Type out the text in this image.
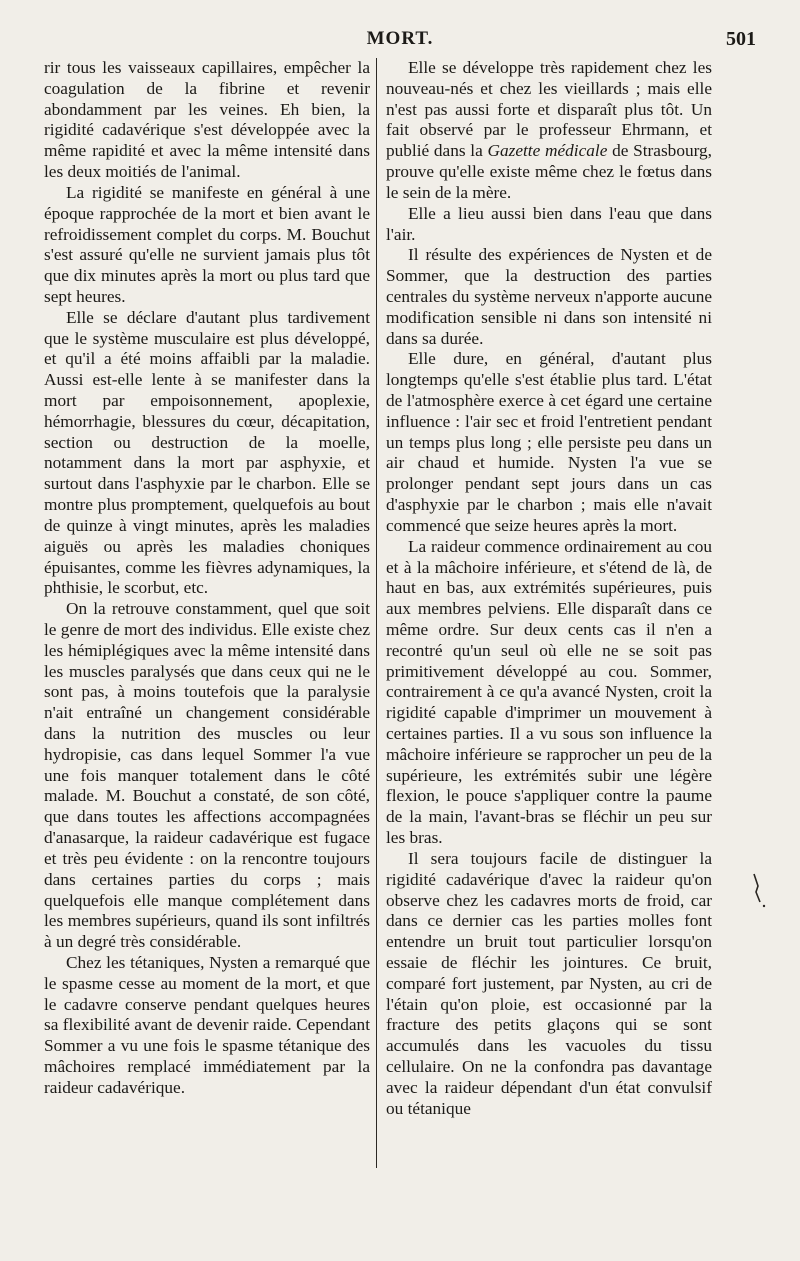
MORT.	501

rir tous les vaisseaux capillaires, empêcher la coagulation de la fibrine et revenir abondamment par les veines. Eh bien, la rigidité cadavérique s'est développée avec la même rapidité et avec la même intensité dans les deux moitiés de l'animal.

La rigidité se manifeste en général à une époque rapprochée de la mort et bien avant le refroidissement complet du corps. M. Bouchut s'est assuré qu'elle ne survient jamais plus tôt que dix minutes après la mort ou plus tard que sept heures.

Elle se déclare d'autant plus tardivement que le système musculaire est plus développé, et qu'il a été moins affaibli par la maladie. Aussi est-elle lente à se manifester dans la mort par empoisonnement, apoplexie, hémorrhagie, blessures du cœur, décapitation, section ou destruction de la moelle, notamment dans la mort par asphyxie, et surtout dans l'asphyxie par le charbon. Elle se montre plus promptement, quelquefois au bout de quinze à vingt minutes, après les maladies aiguës ou après les maladies choniques épuisantes, comme les fièvres adynamiques, la phthisie, le scorbut, etc.

On la retrouve constamment, quel que soit le genre de mort des individus. Elle existe chez les hémiplégiques avec la même intensité dans les muscles paralysés que dans ceux qui ne le sont pas, à moins toutefois que la paralysie n'ait entraîné un changement considérable dans la nutrition des muscles ou leur hydropisie, cas dans lequel Sommer l'a vue une fois manquer totalement dans le côté malade. M. Bouchut a constaté, de son côté, que dans toutes les affections accompagnées d'anasarque, la raideur cadavérique est fugace et très peu évidente : on la rencontre toujours dans certaines parties du corps ; mais quelquefois elle manque complétement dans les membres supérieurs, quand ils sont infiltrés à un degré très considérable.

Chez les tétaniques, Nysten a remarqué que le spasme cesse au moment de la mort, et que le cadavre conserve pendant quelques heures sa flexibilité avant de devenir raide. Cependant Sommer a vu une fois le spasme tétanique des mâchoires remplacé immédiatement par la raideur cadavérique.

Elle se développe très rapidement chez les nouveau-nés et chez les vieillards ; mais elle n'est pas aussi forte et disparaît plus tôt. Un fait observé par le professeur Ehrmann, et publié dans la Gazette médicale de Strasbourg, prouve qu'elle existe même chez le fœtus dans le sein de la mère.

Elle a lieu aussi bien dans l'eau que dans l'air.

Il résulte des expériences de Nysten et de Sommer, que la destruction des parties centrales du système nerveux n'apporte aucune modification sensible ni dans son intensité ni dans sa durée.

Elle dure, en général, d'autant plus longtemps qu'elle s'est établie plus tard. L'état de l'atmosphère exerce à cet égard une certaine influence : l'air sec et froid l'entretient pendant un temps plus long ; elle persiste peu dans un air chaud et humide. Nysten l'a vue se prolonger pendant sept jours dans un cas d'asphyxie par le charbon ; mais elle n'avait commencé que seize heures après la mort.

La raideur commence ordinairement au cou et à la mâchoire inférieure, et s'étend de là, de haut en bas, aux extrémités supérieures, puis aux membres pelviens. Elle disparaît dans ce même ordre. Sur deux cents cas il n'en a recontré qu'un seul où elle ne se soit pas primitivement développé au cou. Sommer, contrairement à ce qu'a avancé Nysten, croit la rigidité capable d'imprimer un mouvement à certaines parties. Il a vu sous son influence la mâchoire inférieure se rapprocher un peu de la supérieure, les extrémités subir une légère flexion, le pouce s'appliquer contre la paume de la main, l'avant-bras se fléchir un peu sur les bras.

Il sera toujours facile de distinguer la rigidité cadavérique d'avec la raideur qu'on observe chez les cadavres morts de froid, car dans ce dernier cas les parties molles font entendre un bruit tout particulier lorsqu'on essaie de fléchir les jointures. Ce bruit, comparé fort justement, par Nysten, au cri de l'étain qu'on ploie, est occasionné par la fracture des petits glaçons qui se sont accumulés dans les vacuoles du tissu cellulaire. On ne la confondra pas davantage avec la raideur dépendant d'un état convulsif ou tétanique
